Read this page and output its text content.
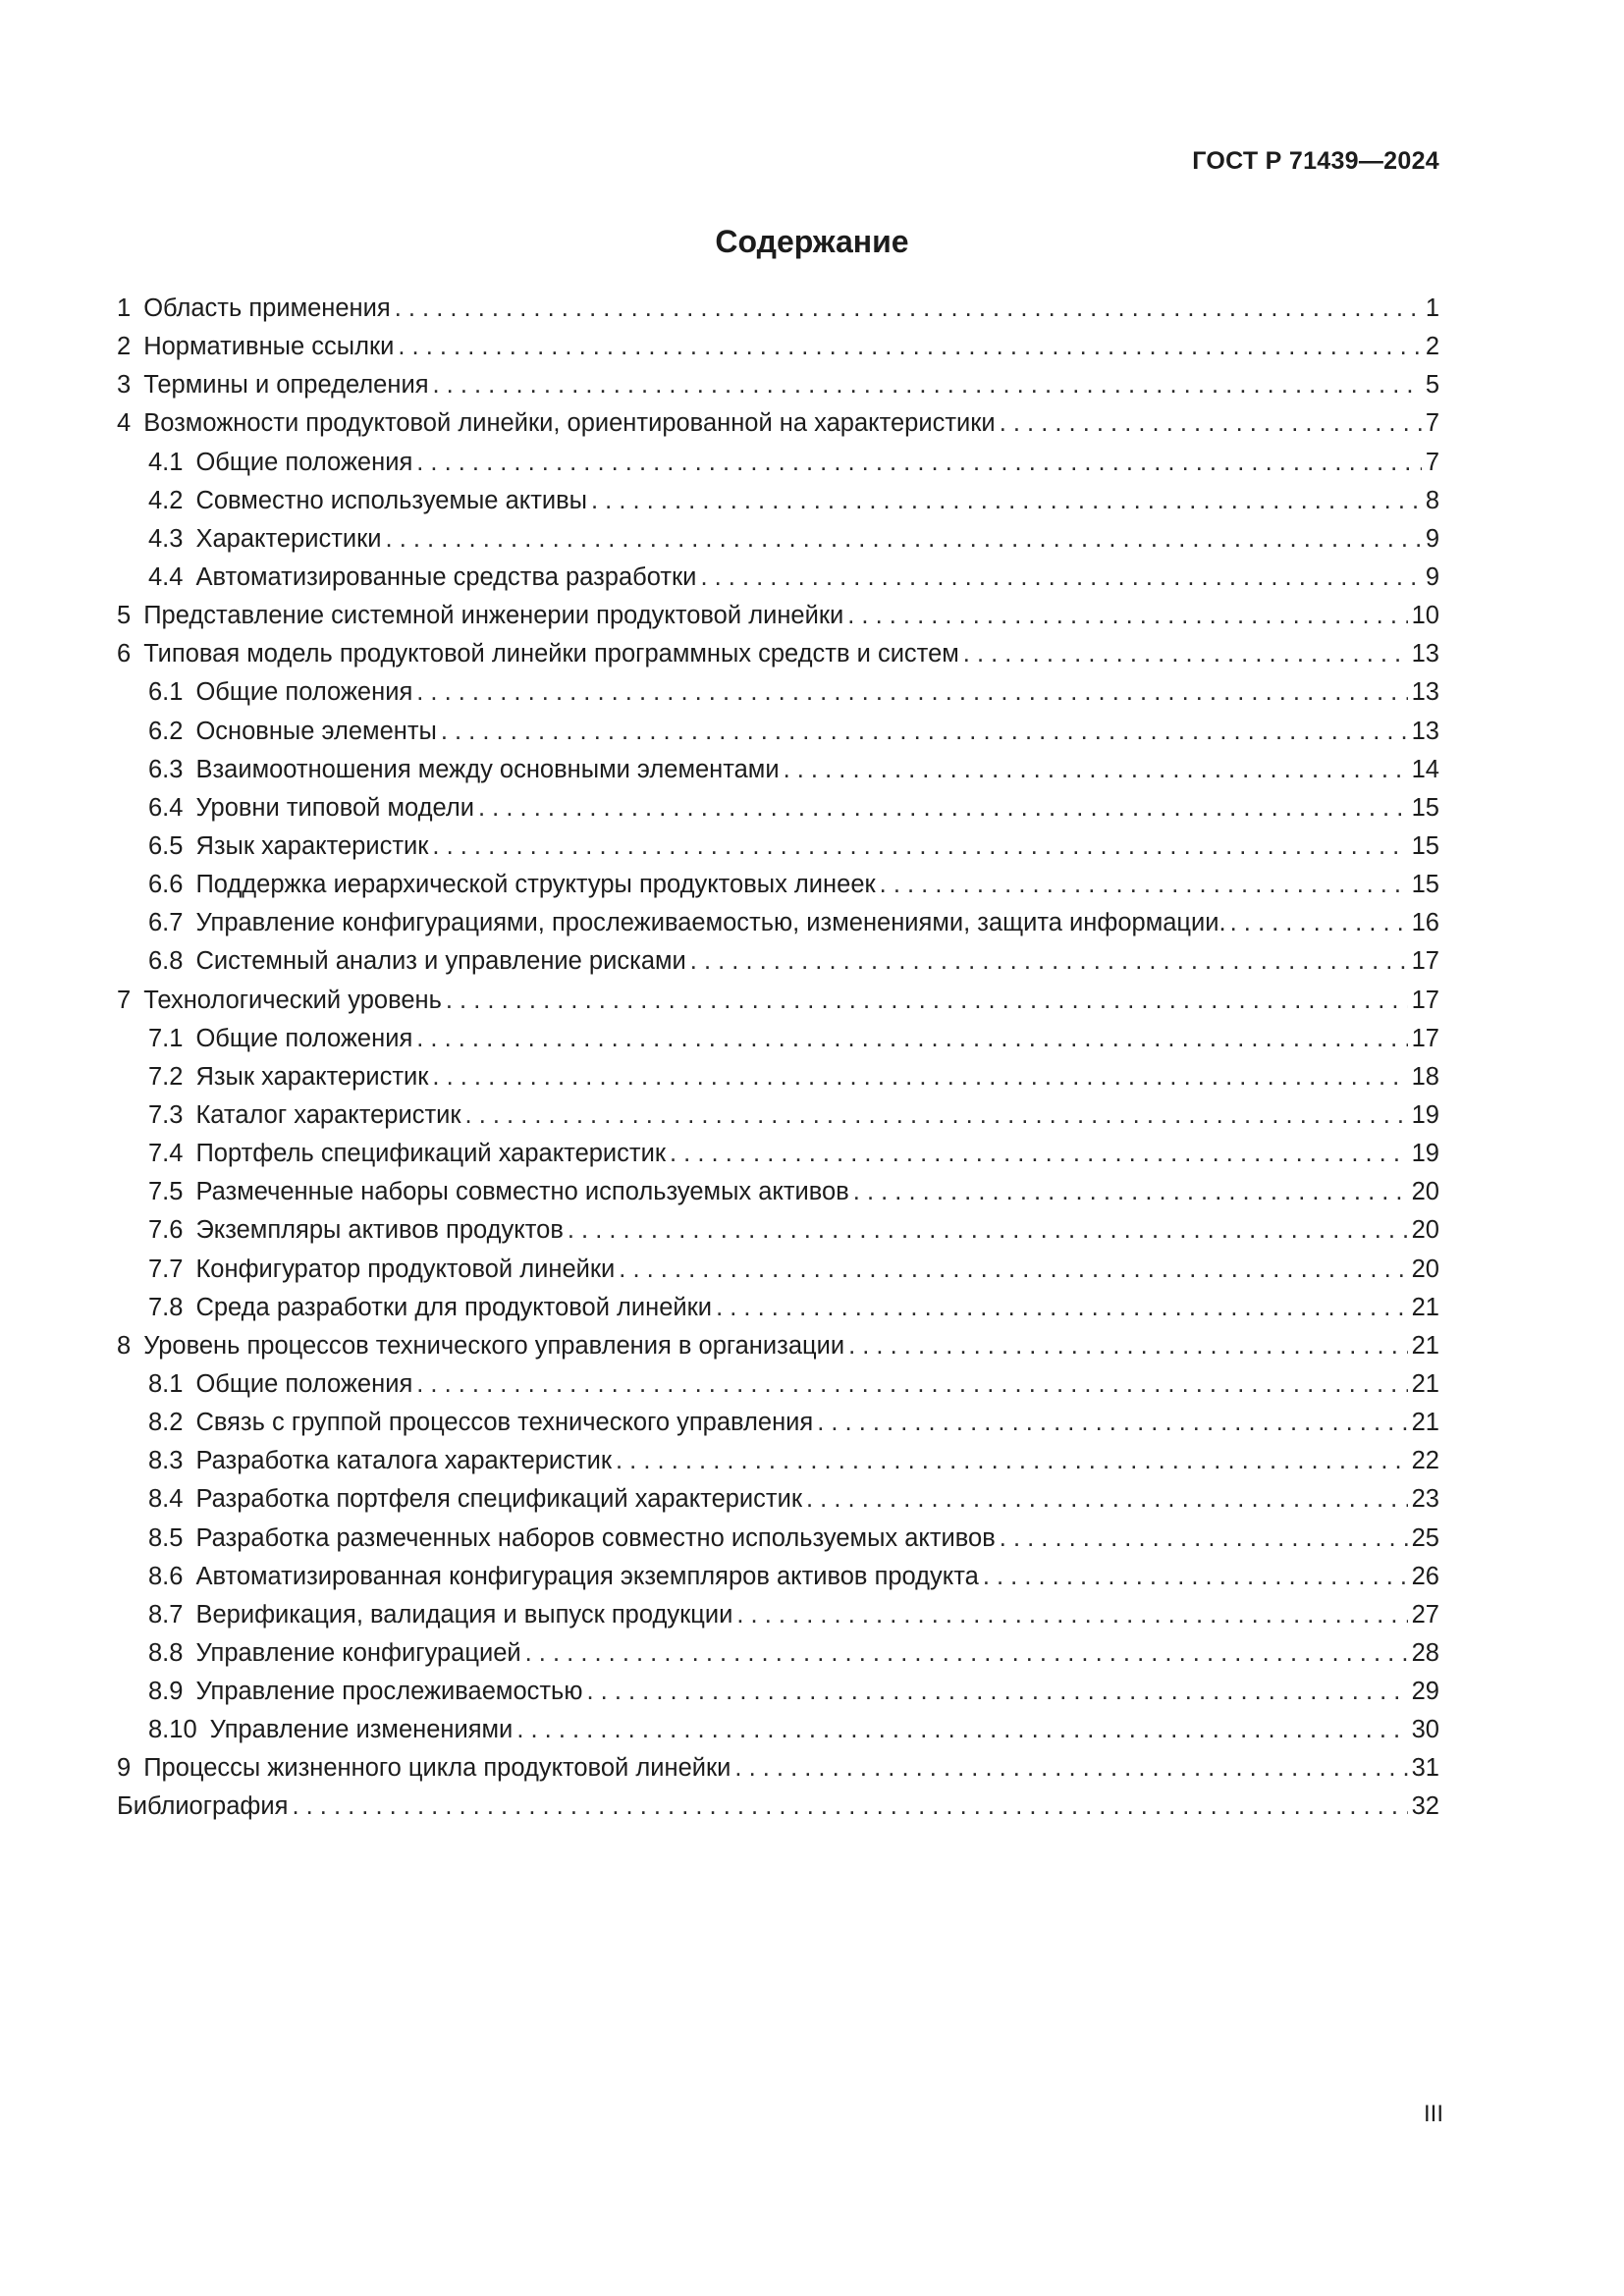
ГОСТ Р 71439—2024
Содержание
1 Область применения . . .	1
2 Нормативные ссылки . . .	2
3 Термины и определения . . .	5
4 Возможности продуктовой линейки, ориентированной на характеристики . . .	7
4.1 Общие положения . . .	7
4.2 Совместно используемые активы . . .	8
4.3 Характеристики . . .	9
4.4 Автоматизированные средства разработки . . .	9
5 Представление системной инженерии продуктовой линейки . . .	10
6 Типовая модель продуктовой линейки программных средств и систем . . .	13
6.1 Общие положения . . .	13
6.2 Основные элементы . . .	13
6.3 Взаимоотношения между основными элементами . . .	14
6.4 Уровни типовой модели . . .	15
6.5 Язык характеристик . . .	15
6.6 Поддержка иерархической структуры продуктовых линеек . . .	15
6.7 Управление конфигурациями, прослеживаемостью, изменениями, защита информации. . . .	16
6.8 Системный анализ и управление рисками . . .	17
7 Технологический уровень . . .	17
7.1 Общие положения . . .	17
7.2 Язык характеристик . . .	18
7.3 Каталог характеристик . . .	19
7.4 Портфель спецификаций характеристик . . .	19
7.5 Размеченные наборы совместно используемых активов . . .	20
7.6 Экземпляры активов продуктов . . .	20
7.7 Конфигуратор продуктовой линейки . . .	20
7.8 Среда разработки для продуктовой линейки . . .	21
8 Уровень процессов технического управления в организации . . .	21
8.1 Общие положения . . .	21
8.2 Связь с группой процессов технического управления . . .	21
8.3 Разработка каталога характеристик . . .	22
8.4 Разработка портфеля спецификаций характеристик . . .	23
8.5 Разработка размеченных наборов совместно используемых активов . . .	25
8.6 Автоматизированная конфигурация экземпляров активов продукта . . .	26
8.7 Верификация, валидация и выпуск продукции . . .	27
8.8 Управление конфигурацией . . .	28
8.9 Управление прослеживаемостью . . .	29
8.10 Управление изменениями . . .	30
9 Процессы жизненного цикла продуктовой линейки . . .	31
Библиография . . .	32
III
